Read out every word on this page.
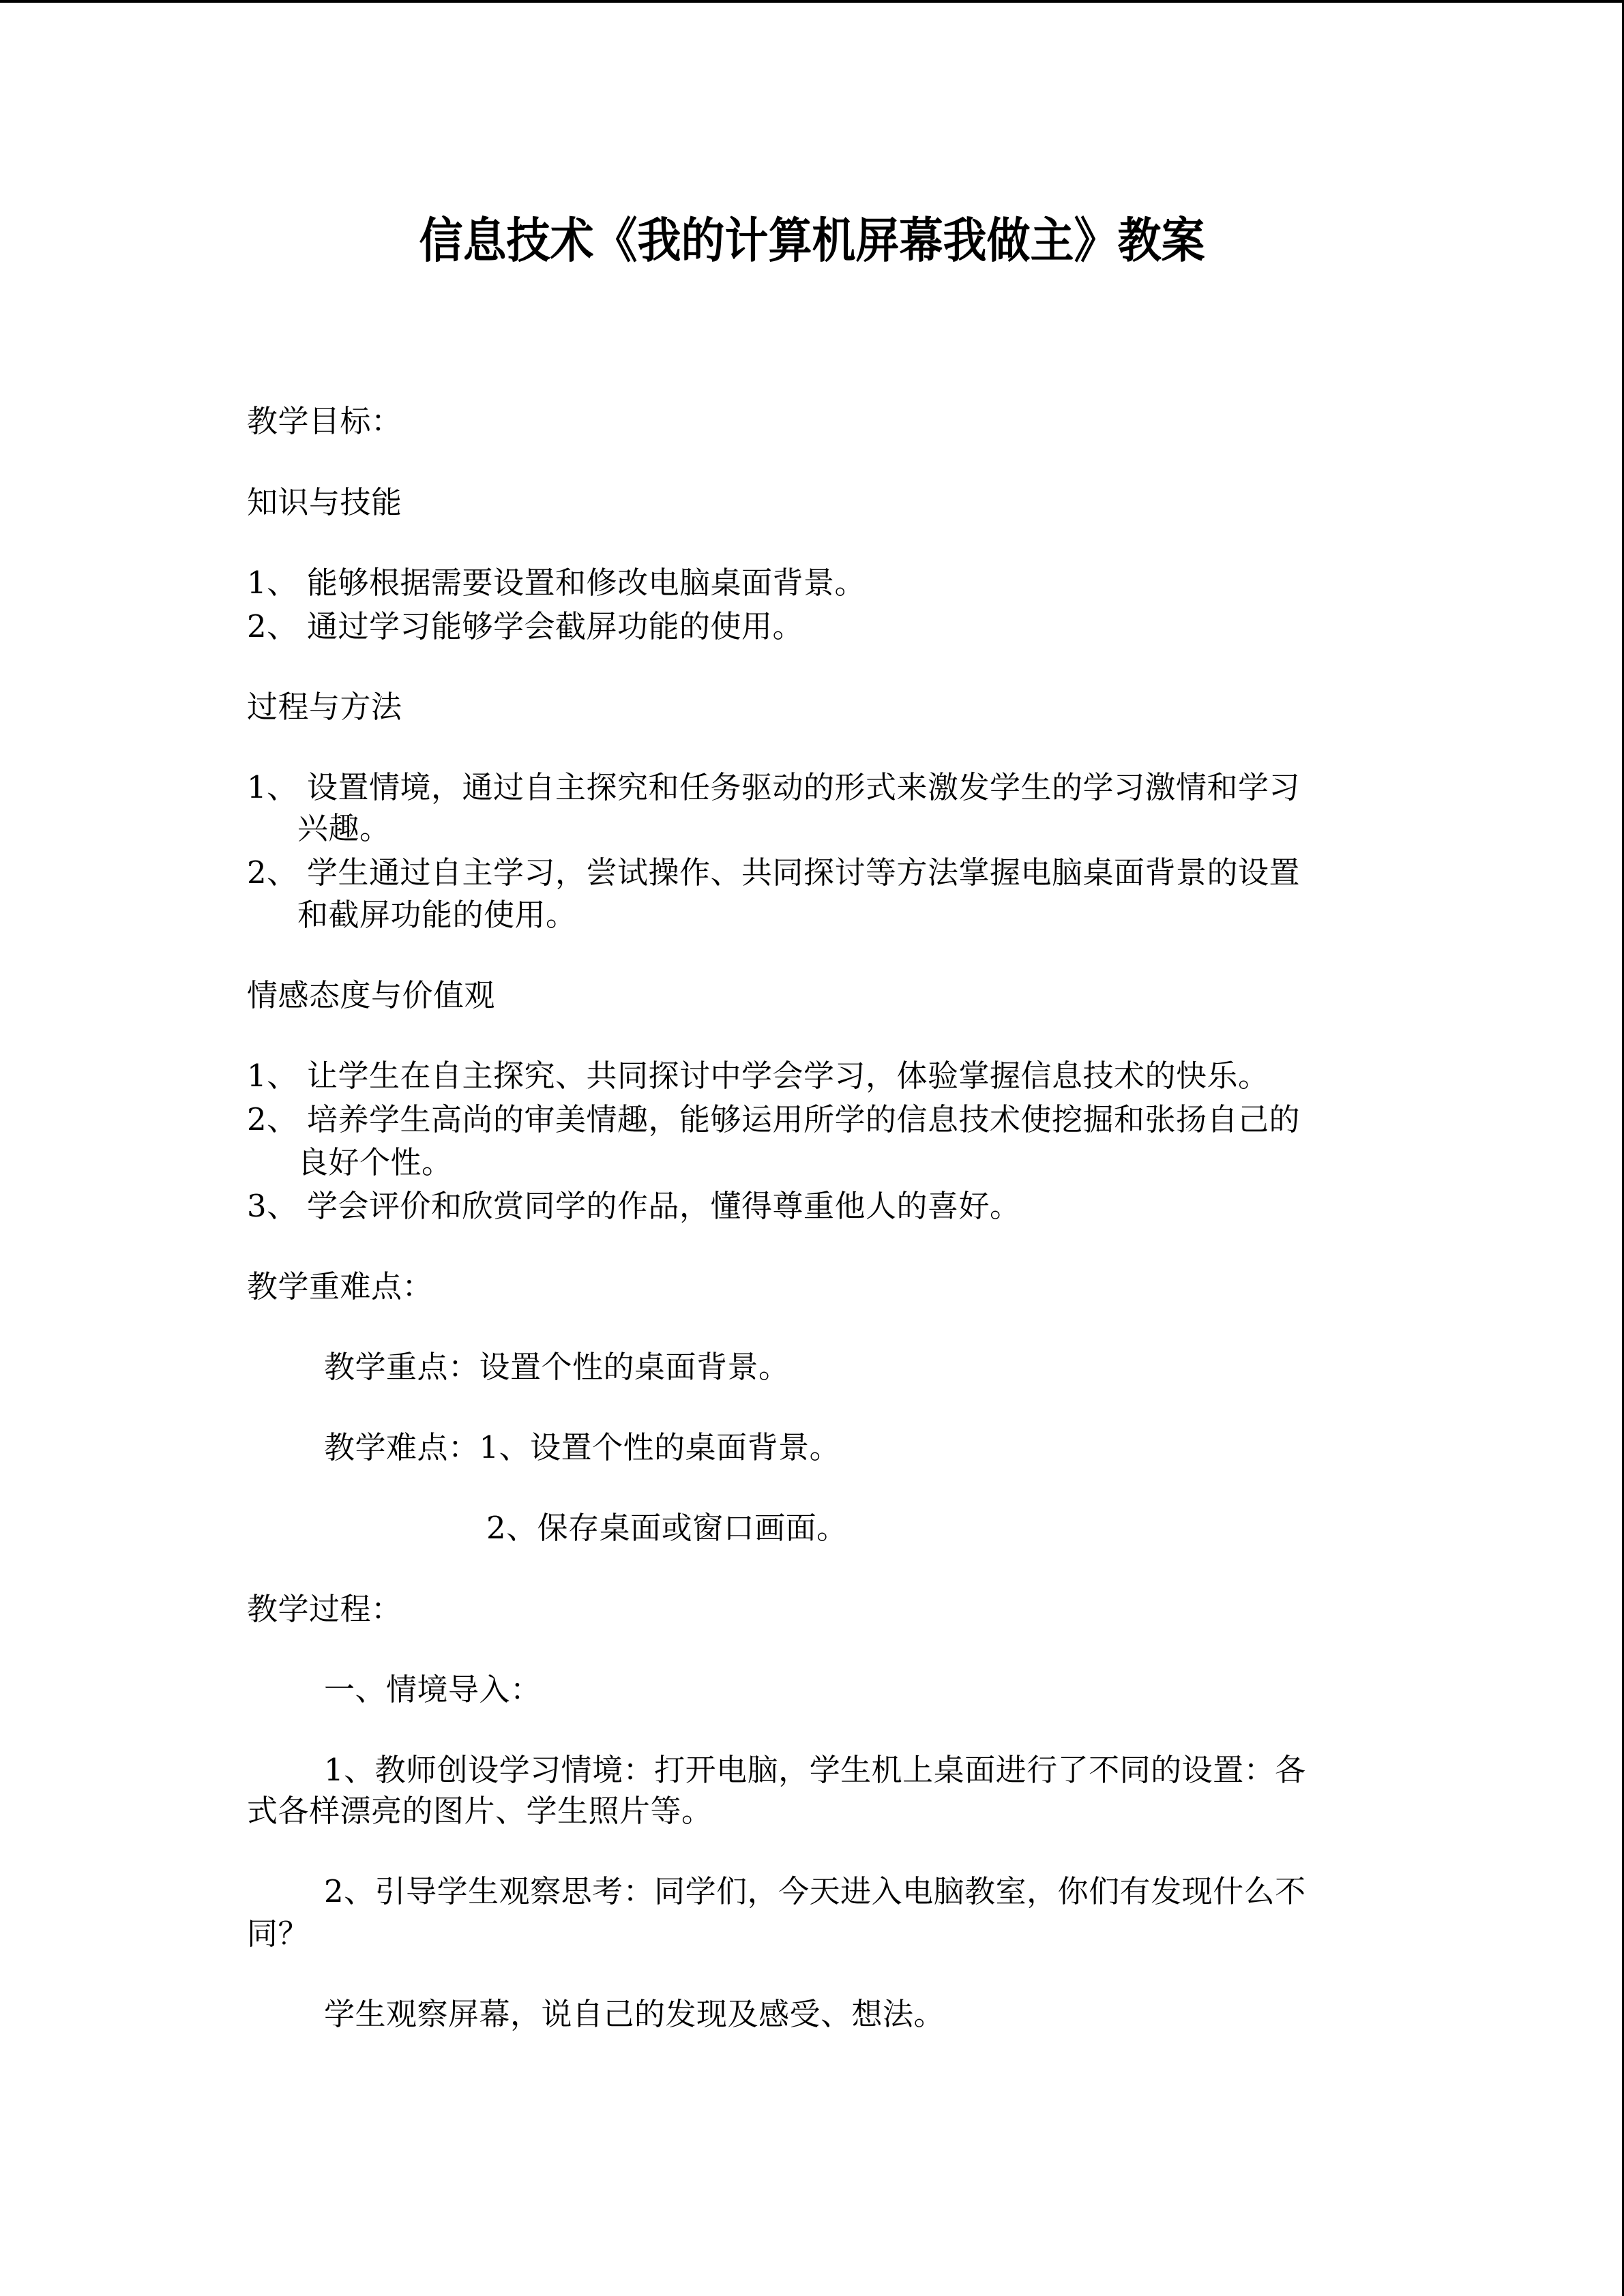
信息技术《我的计算机屏幕我做主》教案
教学目标：
知识与技能
1、 能够根据需要设置和修改电脑桌面背景。
2、 通过学习能够学会截屏功能的使用。
过程与方法
1、 设置情境，通过自主探究和任务驱动的形式来激发学生的学习激情和学习
兴趣。
2、 学生通过自主学习，尝试操作、共同探讨等方法掌握电脑桌面背景的设置
和截屏功能的使用。
情感态度与价值观
1、 让学生在自主探究、共同探讨中学会学习，体验掌握信息技术的快乐。
2、 培养学生高尚的审美情趣，能够运用所学的信息技术使挖掘和张扬自己的
良好个性。
3、 学会评价和欣赏同学的作品，懂得尊重他人的喜好。
教学重难点：
教学重点：设置个性的桌面背景。
教学难点：1、设置个性的桌面背景。
2、保存桌面或窗口画面。
教学过程：
一、情境导入：
1、教师创设学习情境：打开电脑，学生机上桌面进行了不同的设置：各
式各样漂亮的图片、学生照片等。
2、引导学生观察思考：同学们，今天进入电脑教室，你们有发现什么不
同？
学生观察屏幕，说自己的发现及感受、想法。
